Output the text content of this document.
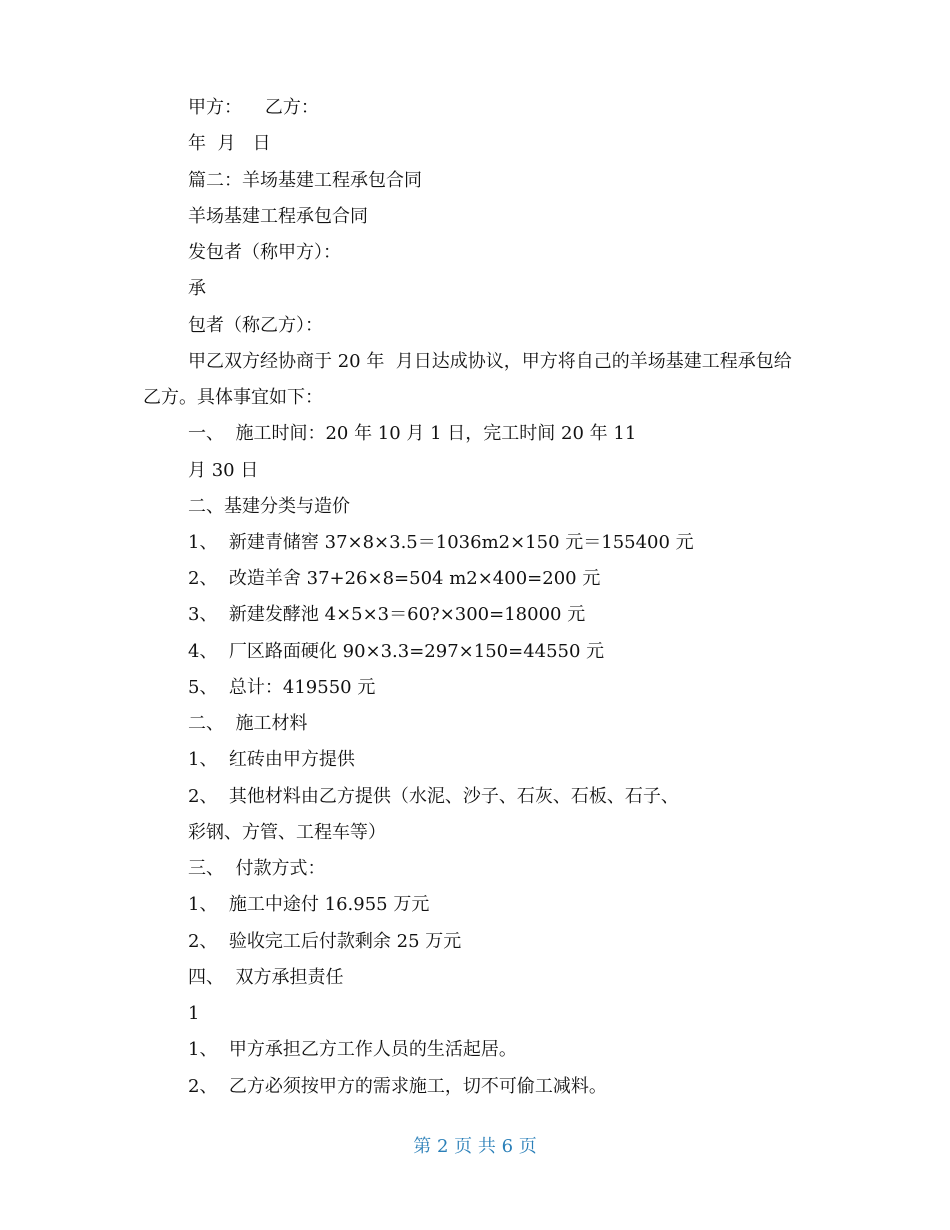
甲方：    乙方：

年  月   日

篇二：羊场基建工程承包合同

羊场基建工程承包合同

发包者（称甲方）：

承

包者（称乙方）：

甲乙双方经协商于 20 年  月日达成协议，甲方将自己的羊场基建工程承包给

乙方。具体事宜如下：

一、  施工时间：20 年 10 月 1 日，完工时间 20 年 11

月 30 日

二、基建分类与造价

1、  新建青储窖 37×8×3.5＝1036m2×150 元＝155400 元

2、  改造羊舍 37+26×8=504 m2×400=200 元

3、  新建发酵池 4×5×3＝60?×300=18000 元

4、  厂区路面硬化 90×3.3=297×150=44550 元

5、  总计：419550 元

二、  施工材料

1、  红砖由甲方提供

2、  其他材料由乙方提供（水泥、沙子、石灰、石板、石子、

彩钢、方管、工程车等）

三、  付款方式：

1、  施工中途付 16.955 万元

2、  验收完工后付款剩余 25 万元

四、  双方承担责任

1

1、  甲方承担乙方工作人员的生活起居。

2、  乙方必须按甲方的需求施工，切不可偷工减料。

第 2 页 共 6 页
